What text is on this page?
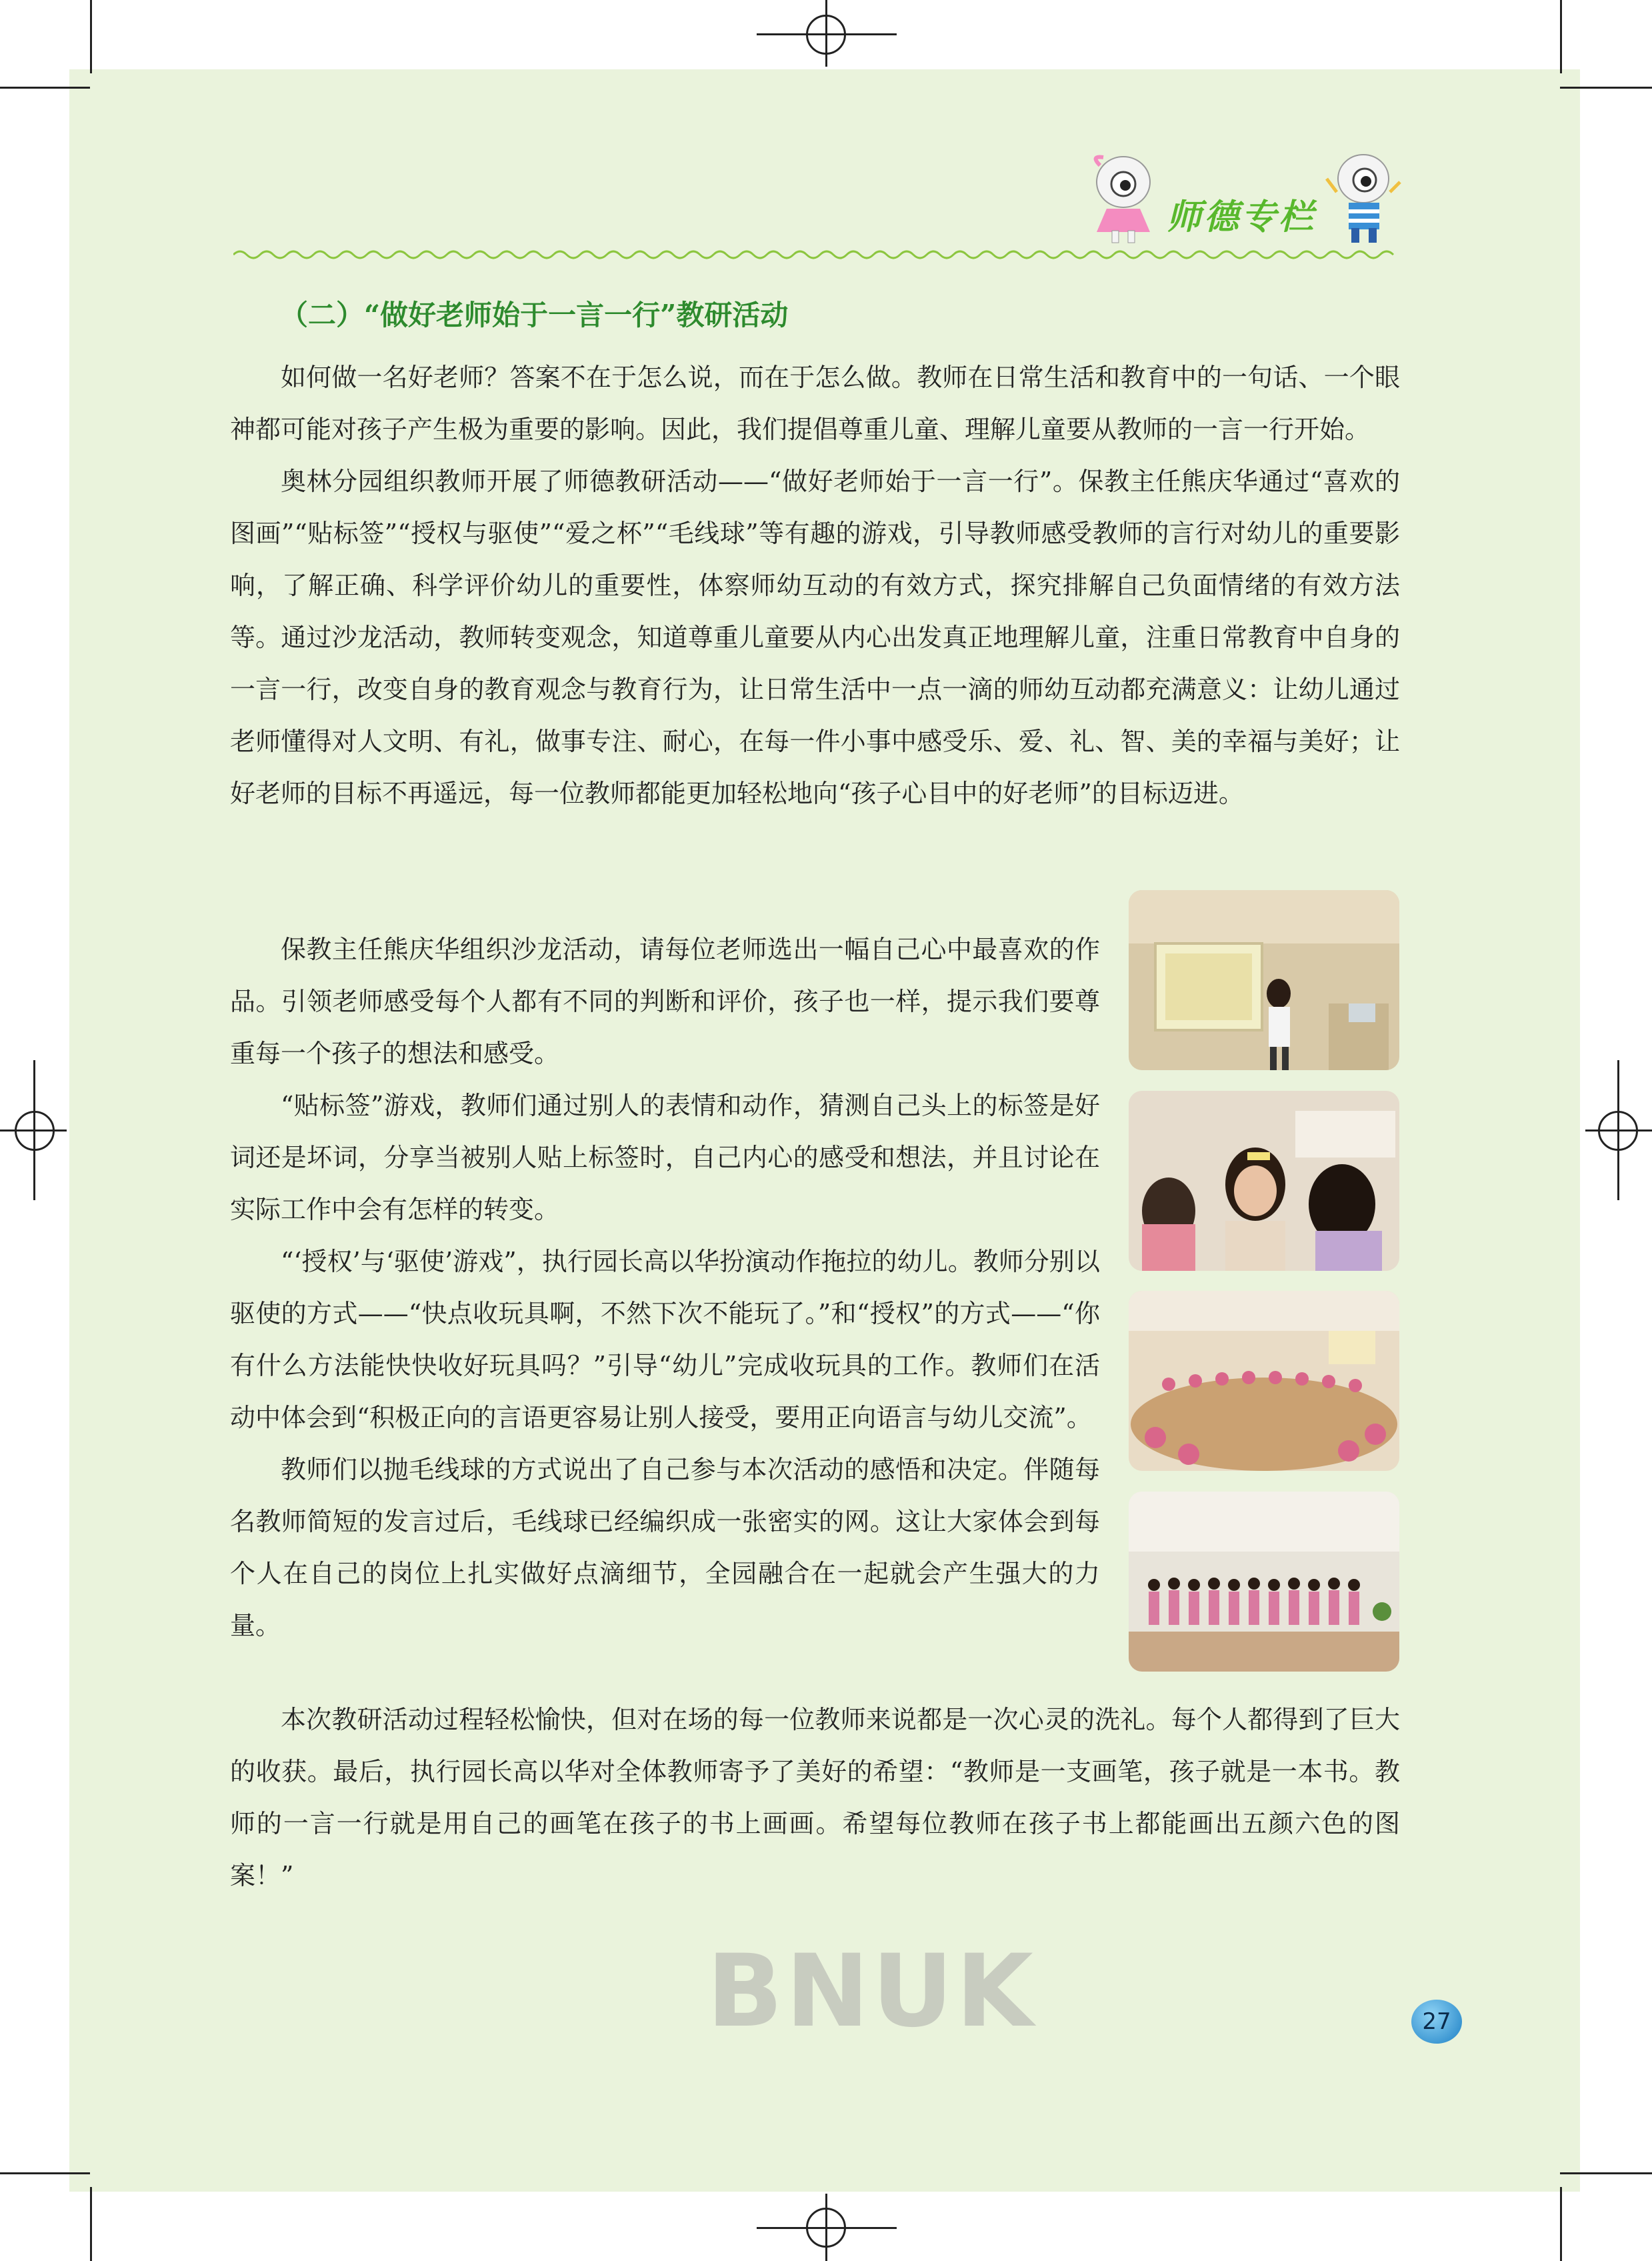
师德专栏
（二）“做好老师始于一言一行”教研活动

如何做一名好老师？答案不在于怎么说，而在于怎么做。教师在日常生活和教育中的一句话、一个眼神都可能对孩子产生极为重要的影响。因此，我们提倡尊重儿童、理解儿童要从教师的一言一行开始。

奥林分园组织教师开展了师德教研活动——“做好老师始于一言一行”。保教主任熊庆华通过“喜欢的图画”“贴标签”“授权与驱使”“爱之杯”“毛线球”等有趣的游戏，引导教师感受教师的言行对幼儿的重要影响，了解正确、科学评价幼儿的重要性，体察师幼互动的有效方式，探究排解自己负面情绪的有效方法等。通过沙龙活动，教师转变观念，知道尊重儿童要从内心出发真正地理解儿童，注重日常教育中自身的一言一行，改变自身的教育观念与教育行为，让日常生活中一点一滴的师幼互动都充满意义：让幼儿通过老师懂得对人文明、有礼，做事专注、耐心，在每一件小事中感受乐、爱、礼、智、美的幸福与美好；让好老师的目标不再遥远，每一位教师都能更加轻松地向“孩子心目中的好老师”的目标迈进。

保教主任熊庆华组织沙龙活动，请每位老师选出一幅自己心中最喜欢的作品。引领老师感受每个人都有不同的判断和评价，孩子也一样，提示我们要尊重每一个孩子的想法和感受。

“贴标签”游戏，教师们通过别人的表情和动作，猜测自己头上的标签是好词还是坏词，分享当被别人贴上标签时，自己内心的感受和想法，并且讨论在实际工作中会有怎样的转变。

“‘授权’与‘驱使’游戏”，执行园长高以华扮演动作拖拉的幼儿。教师分别以驱使的方式——“快点收玩具啊，不然下次不能玩了。”和“授权”的方式——“你有什么方法能快快收好玩具吗？”引导“幼儿”完成收玩具的工作。教师们在活动中体会到“积极正向的言语更容易让别人接受，要用正向语言与幼儿交流”。

教师们以抛毛线球的方式说出了自己参与本次活动的感悟和决定。伴随每名教师简短的发言过后，毛线球已经编织成一张密实的网。这让大家体会到每个人在自己的岗位上扎实做好点滴细节，全园融合在一起就会产生强大的力量。

本次教研活动过程轻松愉快，但对在场的每一位教师来说都是一次心灵的洗礼。每个人都得到了巨大的收获。最后，执行园长高以华对全体教师寄予了美好的希望：“教师是一支画笔，孩子就是一本书。教师的一言一行就是用自己的画笔在孩子的书上画画。希望每位教师在孩子书上都能画出五颜六色的图案！”

BNUK	27
